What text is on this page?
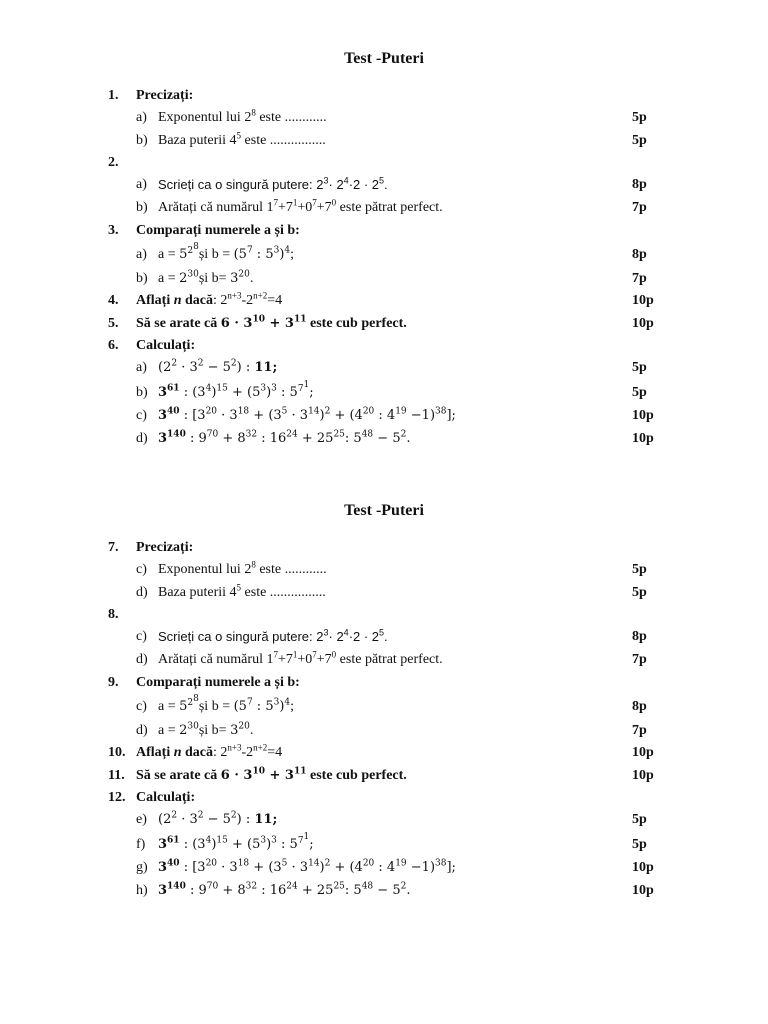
Test -Puteri
1.	Precizați:
a) Exponentul lui $2^8$ este ............	5p
b) Baza puterii $4^5$ este ................	5p
2.
a) Scrieți ca o singură putere: $2^3\cdot 2^4\cdot 2 \cdot 2^5$.	8p
b) Arătați că numărul $1^7+7^1+0^7+7^0$ este pătrat perfect.	7p
3.	Comparați numerele a și b:
a) $a = 5^{2^8}și$ $b = (5^7$ : $5^3)^4$;	8p
b) $a = 2^{30}și$ $b= 3^{20}$.	7p
4.	Aflați n dacă: $2^{n+3}-2^{n+2}=4$	10p
5.	Să se arate că $6 \cdot 3^{10} + 3^{11}$ este cub perfect.	10p
6.	Calculați:
a) $(2^2 \cdot 3^2 - 5^2)$ : 11;	5p
b) $3^{61}$ : $(3^4)^{15} + (5^3)^3$ : $5^{7^1}$;	5p
c) $3^{40}$ : [$3^{20} \cdot 3^{18} + (3^5 \cdot 3^{14})^2 + (4^{20}$ : $4^{19} -1)^{38}$];	10p
d) $3^{140}$ : $9^{70} + 8^{32}$ : $16^{24} + 25^{25}$: $5^{48} - 5^2$.	10p
Test -Puteri
7.	Precizați:
c) Exponentul lui $2^8$ este ............	5p
d) Baza puterii $4^5$ este ................	5p
8.
c) Scrieți ca o singură putere: $2^3\cdot 2^4\cdot 2 \cdot 2^5$.	8p
d) Arătați că numărul $1^7+7^1+0^7+7^0$ este pătrat perfect.	7p
9.	Comparați numerele a și b:
c) $a = 5^{2^8}și$ $b = (5^7$ : $5^3)^4$;	8p
d) $a = 2^{30}și$ $b= 3^{20}$.	7p
10. Aflați n dacă: $2^{n+3}-2^{n+2}=4$	10p
11. Să se arate că $6 \cdot 3^{10} + 3^{11}$ este cub perfect.	10p
12. Calculați:
e) $(2^2 \cdot 3^2 - 5^2)$ : 11;	5p
f) $3^{61}$ : $(3^4)^{15} + (5^3)^3$ : $5^{7^1}$;	5p
g) $3^{40}$ : [$3^{20} \cdot 3^{18} + (3^5 \cdot 3^{14})^2 + (4^{20}$ : $4^{19} -1)^{38}$];	10p
h) $3^{140}$ : $9^{70} + 8^{32}$ : $16^{24} + 25^{25}$: $5^{48} - 5^2$.	10p
